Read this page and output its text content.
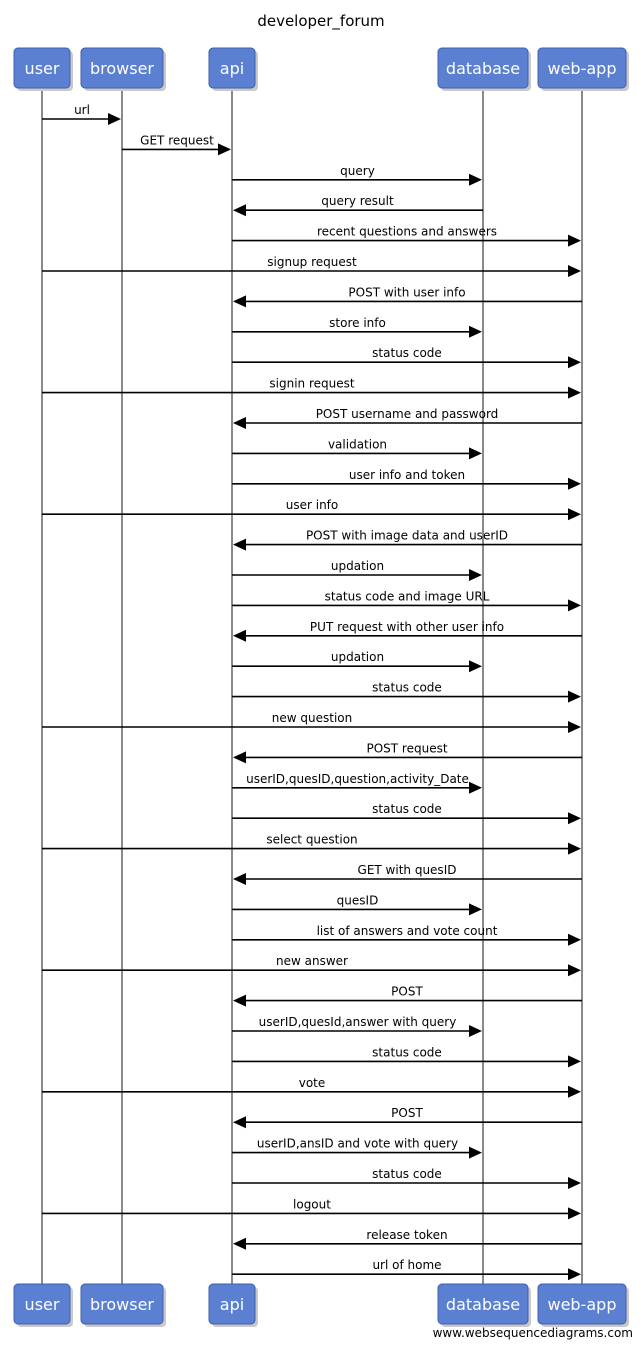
developer_forum
url
GET request
query
query result
recent questions and answers
signup request
POST with user info
store info
status code
signin request
POST username and password
validation
user info and token
user info
POST with image data and userID
updation
status code and image URL
PUT request with other user info
updation
status code
new question
POST request
userID,quesID,question,activity_Date
status code
select question
GET with quesID
quesID
list of answers and vote count
new answer
POST
userID,quesId,answer with query
status code
vote
POST
userID,ansID and vote with query
status code
logout
release token
url of home
user
user
browser
browser
api
api
database
database
web-app
web-app
www.websequencediagrams.com
